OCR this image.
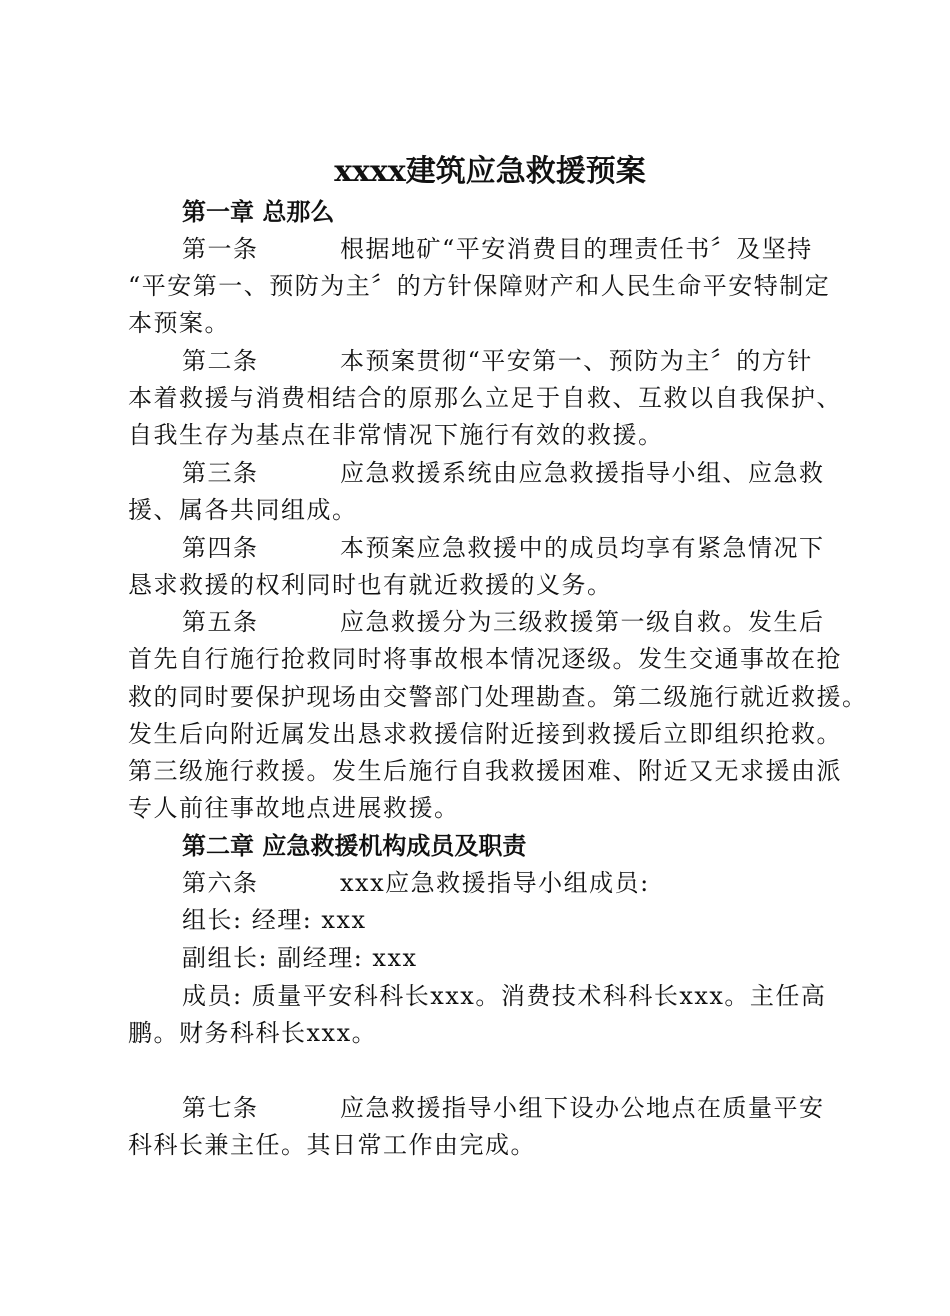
xxxx建筑应急救援预案
第一章 总那么
第一条	根据地矿“平安消费目的理责任书〞及坚持
“平安第一、预防为主〞的方针保障财产和人民生命平安特制定
本预案。
第二条	本预案贯彻“平安第一、预防为主〞的方针
本着救援与消费相结合的原那么立足于自救、互救以自我保护、
自我生存为基点在非常情况下施行有效的救援。
第三条	应急救援系统由应急救援指导小组、应急救
援、属各共同组成。
第四条	本预案应急救援中的成员均享有紧急情况下
恳求救援的权利同时也有就近救援的义务。
第五条	应急救援分为三级救援第一级自救。发生后
首先自行施行抢救同时将事故根本情况逐级。发生交通事故在抢
救的同时要保护现场由交警部门处理勘查。第二级施行就近救援。
发生后向附近属发出恳求救援信附近接到救援后立即组织抢救。
第三级施行救援。发生后施行自我救援困难、附近又无求援由派
专人前往事故地点进展救援。
第二章 应急救援机构成员及职责
第六条	xxx应急救援指导小组成员:
组长: 经理: xxx
副组长: 副经理: xxx
成员: 质量平安科科长xxx。消费技术科科长xxx。主任高
鹏。财务科科长xxx。
第七条	应急救援指导小组下设办公地点在质量平安
科科长兼主任。其日常工作由完成。
